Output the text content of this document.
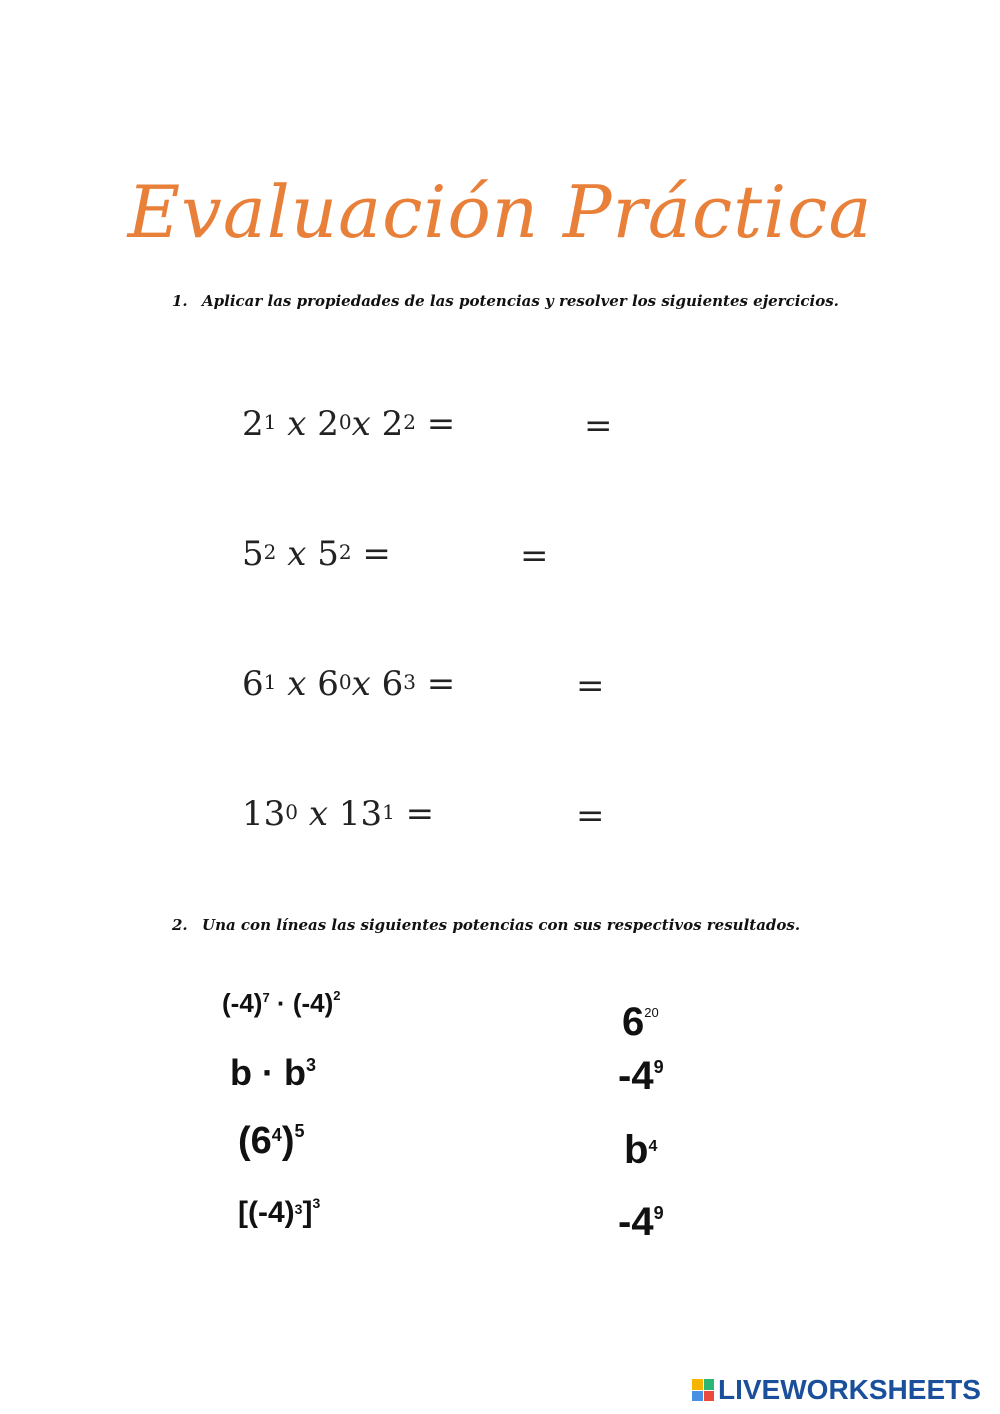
Evaluación Práctica
1. Aplicar las propiedades de las potencias y resolver los siguientes ejercicios.
$2^1$ x $2^0x$ $2^2$ =	=
$5^2$ x $5^2$ =	=
$6^1$ x $6^0x$ $6^3$ =	=
$13^0$ x $13^1$ =	=
2. Una con líneas las siguientes potencias con sus respectivos resultados.
$(-4)^7 \cdot (-4)^2$
$b \cdot b^3$
$(6^4)^5$
$[(-4)^3]^3$
$6^{20}$
$-4^9$
$b^4$
$-4^9$
LIVEWORKSHEETS
